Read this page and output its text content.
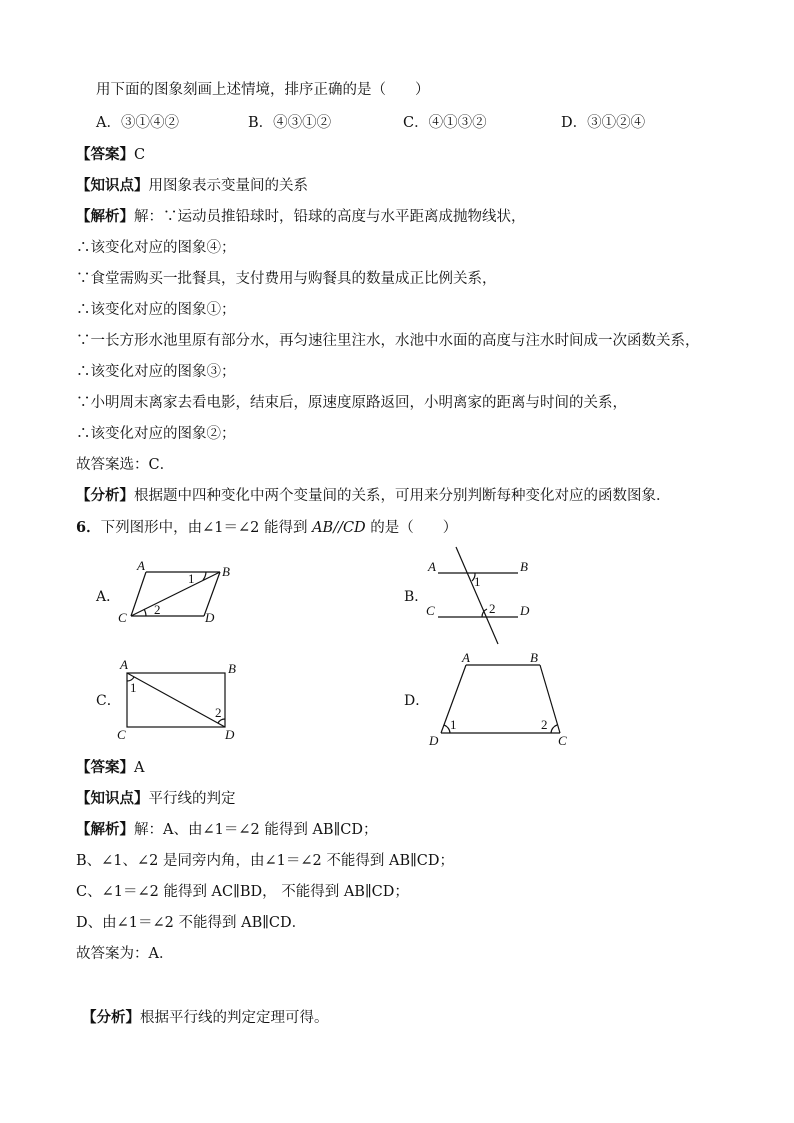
用下面的图象刻画上述情境，排序正确的是（　　）
A．③①④②	B．④③①②	C．④①③②	D．③①②④
【答案】C
【知识点】用图象表示变量间的关系
【解析】解：∵运动员推铅球时，铅球的高度与水平距离成抛物线状，
∴该变化对应的图象④；
∵食堂需购买一批餐具，支付费用与购餐具的数量成正比例关系，
∴该变化对应的图象①；
∵一长方形水池里原有部分水，再匀速往里注水，水池中水面的高度与注水时间成一次函数关系，
∴该变化对应的图象③；
∵小明周末离家去看电影，结束后，原速度原路返回，小明离家的距离与时间的关系，
∴该变化对应的图象②；
故答案选：C．
【分析】根据题中四种变化中两个变量间的关系，可用来分别判断每种变化对应的函数图象．
6．下列图形中，由∠1＝∠2 能得到 AB//CD 的是（　　）
A．	B．
C．	D．
A	B
C	D
1
2
A	B
C	D
1
2
A	B
C	D
1
2
A	B
C
D
1	2
【答案】A
【知识点】平行线的判定
【解析】解：A、由∠1＝∠2 能得到 AB∥CD；
B、∠1、∠2 是同旁内角，由∠1＝∠2 不能得到 AB∥CD；
C、∠1＝∠2 能得到 AC∥BD， 不能得到 AB∥CD；
D、由∠1＝∠2 不能得到 AB∥CD．
故答案为：A．
【分析】根据平行线的判定定理可得。
